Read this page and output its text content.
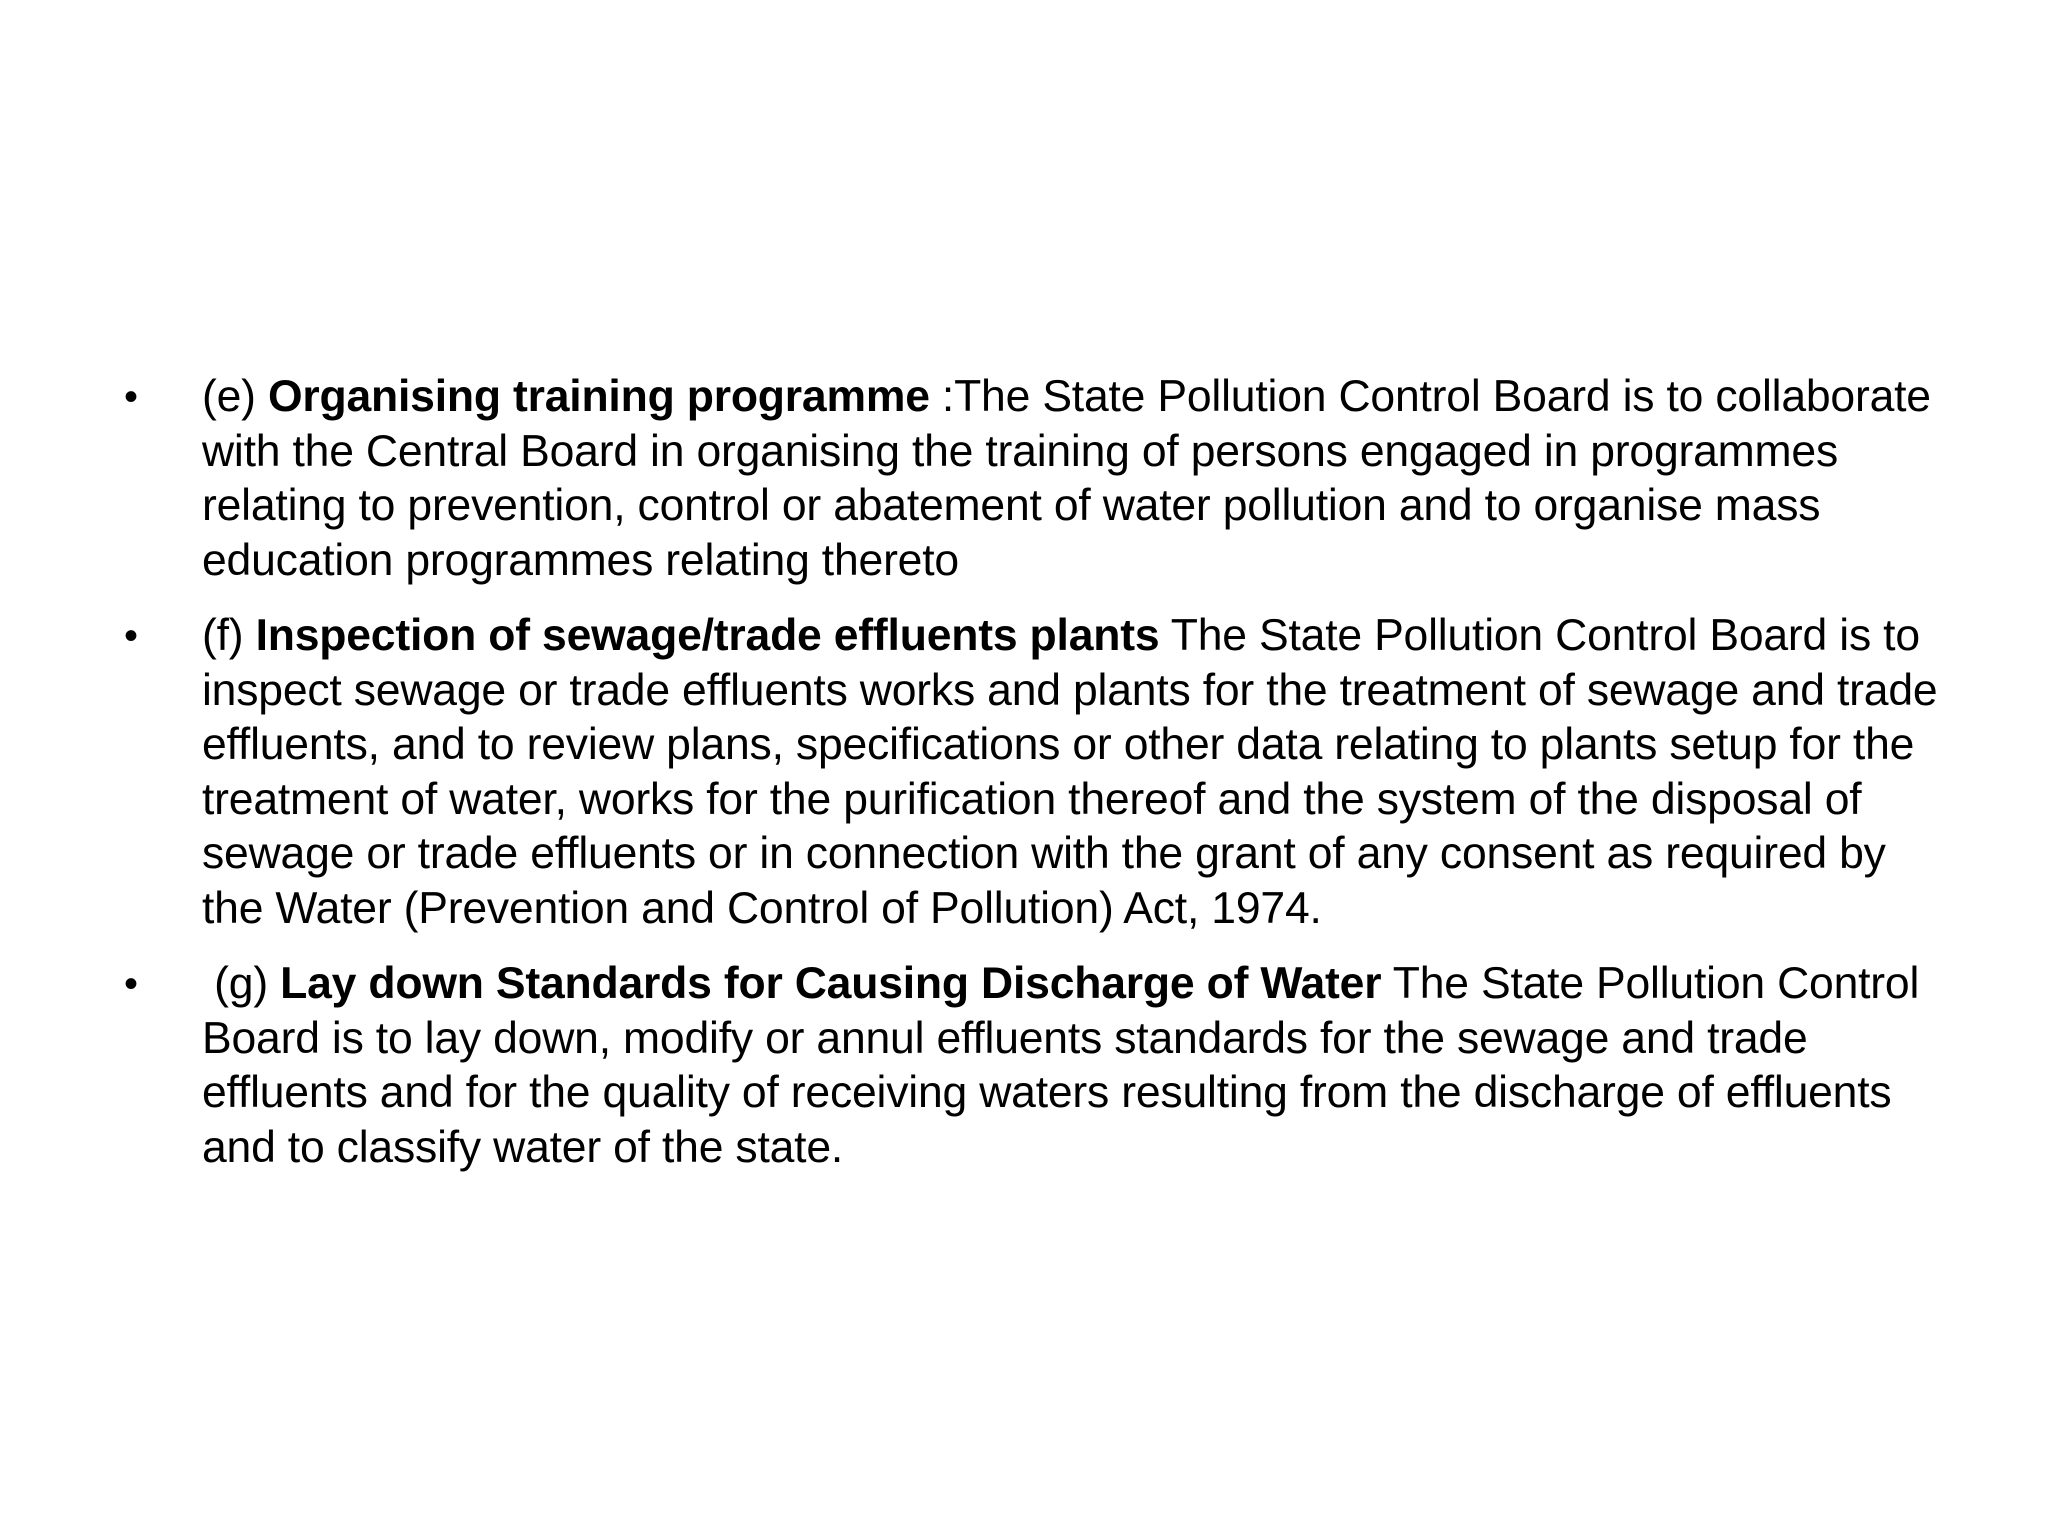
• (e) Organising training programme :The State Pollution Control Board is to collaborate with the Central Board in organising the training of persons engaged in programmes relating to prevention, control or abatement of water pollution and to organise mass education programmes relating thereto
• (f) Inspection of sewage/trade effluents plants The State Pollution Control Board is to inspect sewage or trade effluents works and plants for the treatment of sewage and trade effluents, and to review plans, specifications or other data relating to plants setup for the treatment of water, works for the purification thereof and the system of the disposal of sewage or trade effluents or in connection with the grant of any consent as required by the Water (Prevention and Control of Pollution) Act, 1974.
• (g) Lay down Standards for Causing Discharge of Water The State Pollution Control Board is to lay down, modify or annul effluents standards for the sewage and trade effluents and for the quality of receiving waters resulting from the discharge of effluents and to classify water of the state.
